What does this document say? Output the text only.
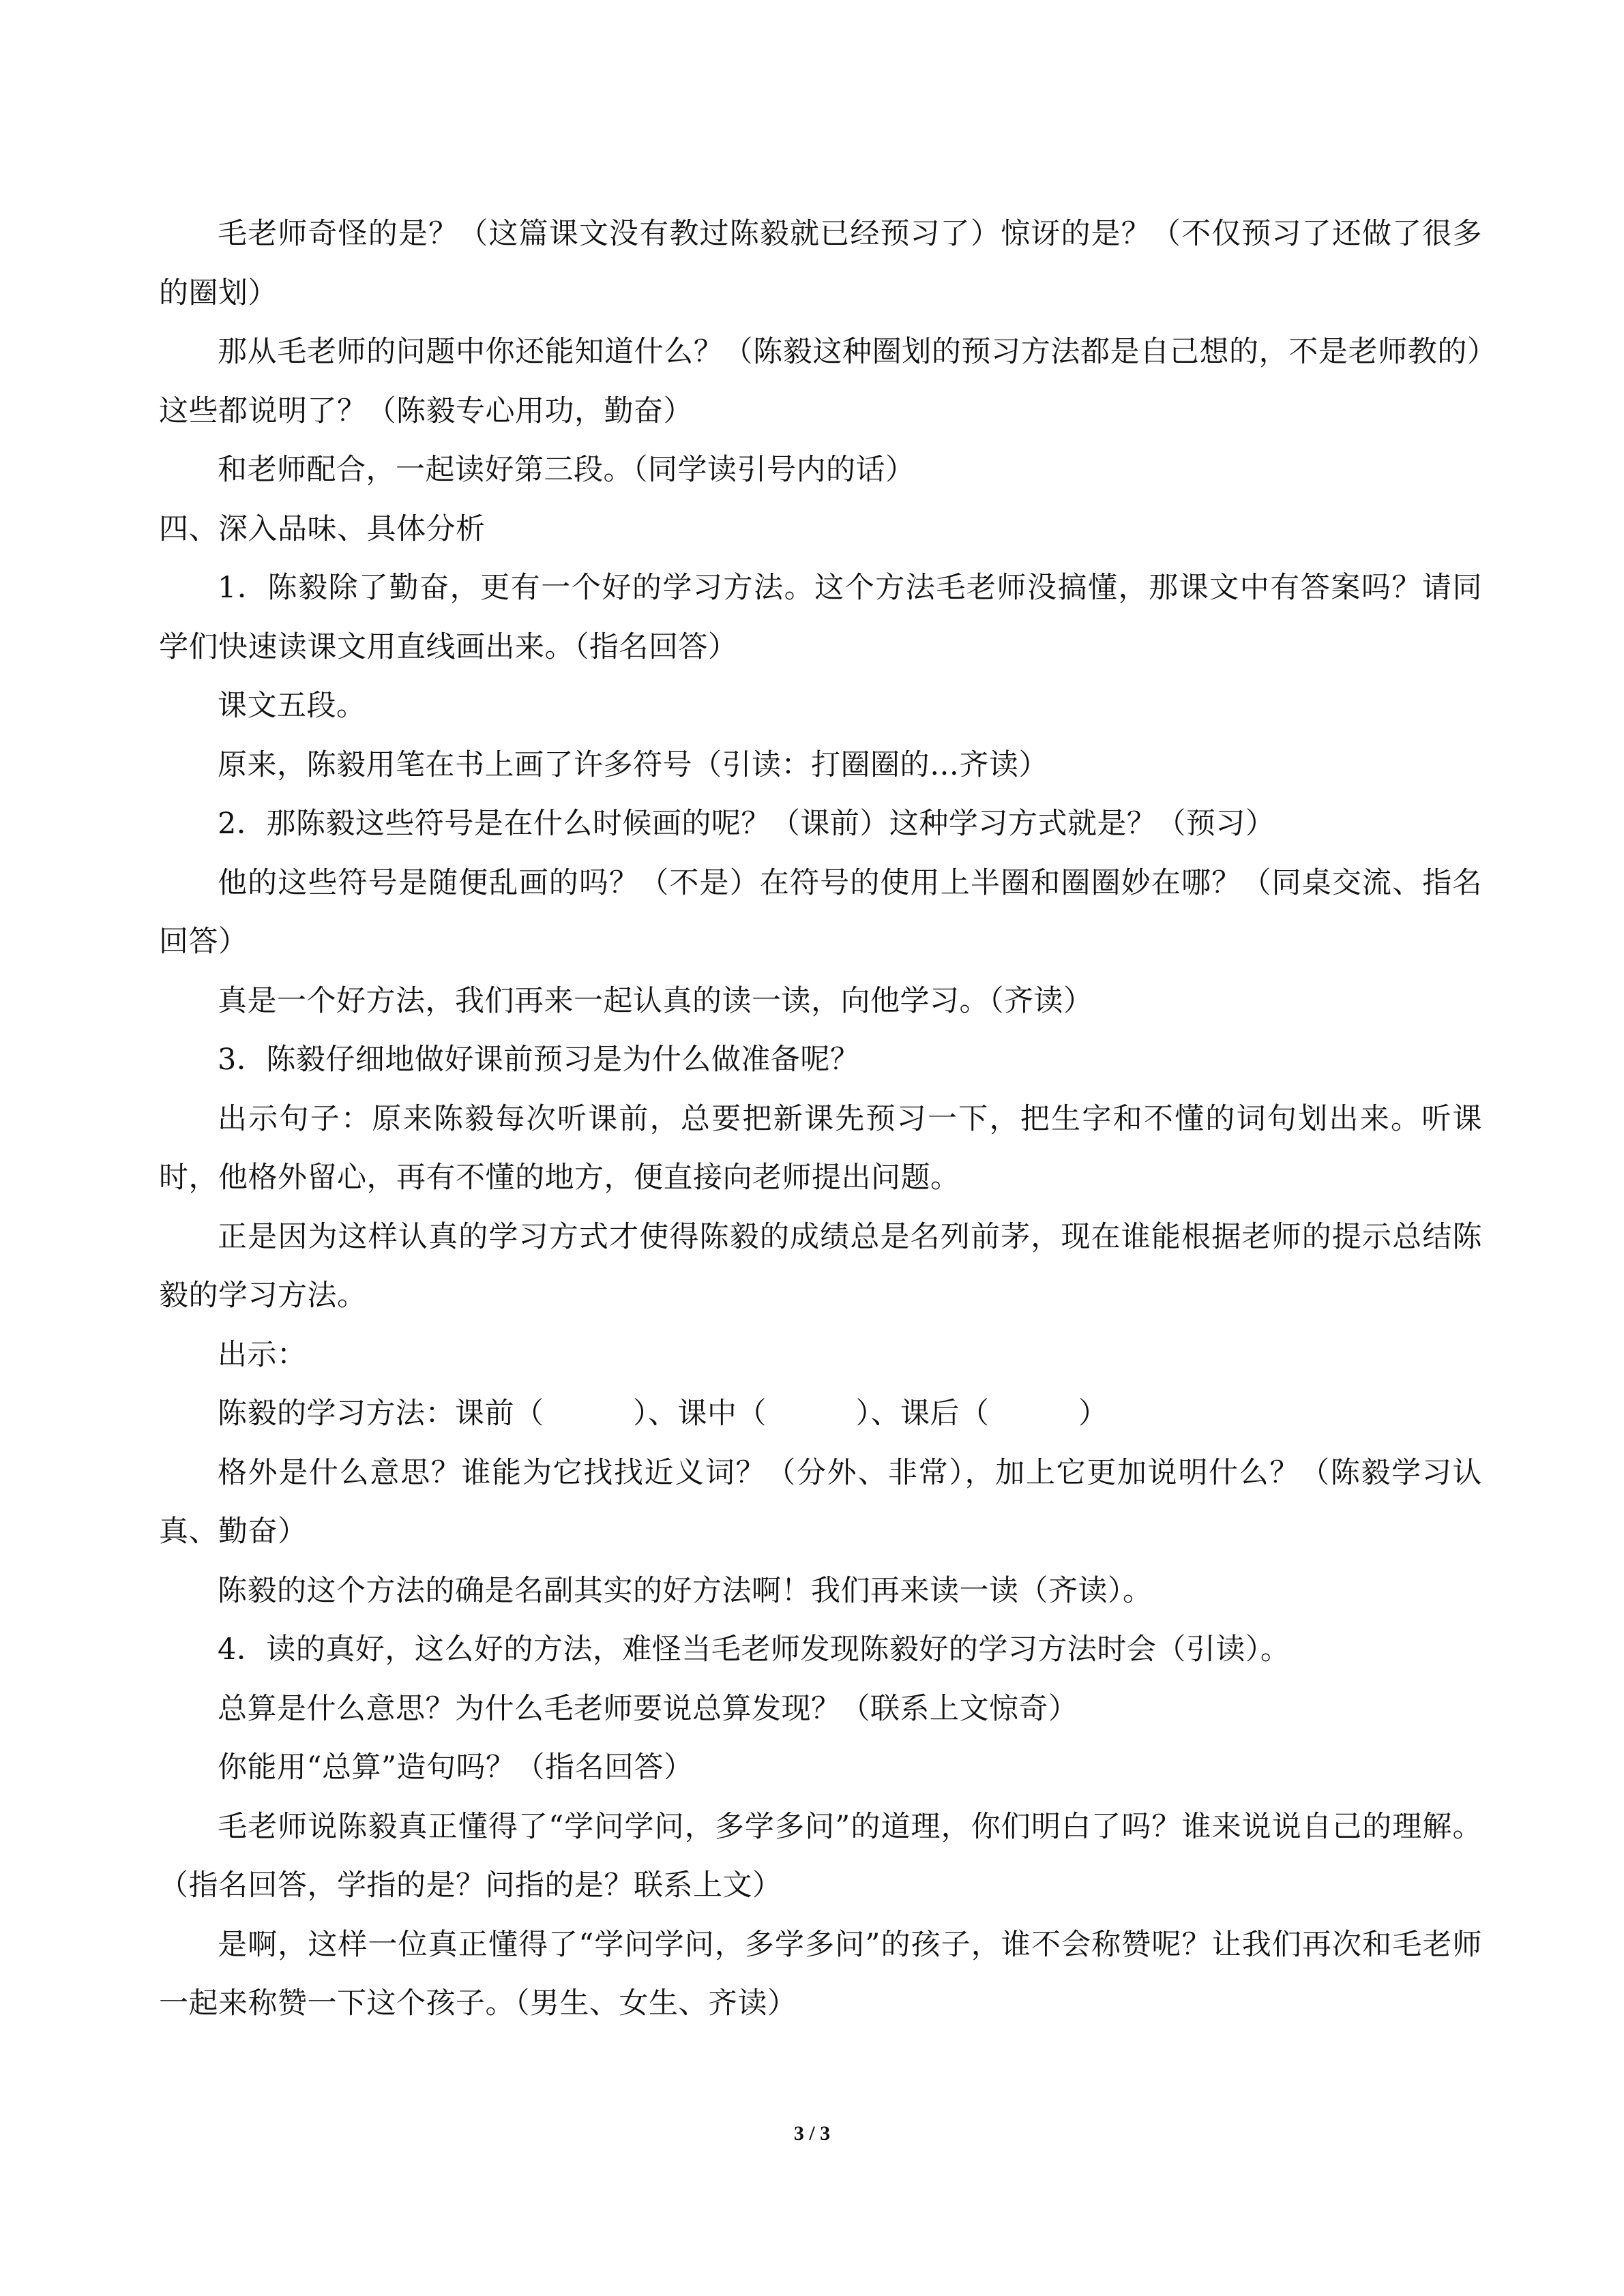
毛老师奇怪的是？（这篇课文没有教过陈毅就已经预习了）惊讶的是？（不仅预习了还做了很多的圈划）

那从毛老师的问题中你还能知道什么？（陈毅这种圈划的预习方法都是自己想的，不是老师教的）这些都说明了？（陈毅专心用功，勤奋）

和老师配合，一起读好第三段。（同学读引号内的话）

四、深入品味、具体分析

1．陈毅除了勤奋，更有一个好的学习方法。这个方法毛老师没搞懂，那课文中有答案吗？请同学们快速读课文用直线画出来。（指名回答）

课文五段。

原来，陈毅用笔在书上画了许多符号（引读：打圈圈的…齐读）

2．那陈毅这些符号是在什么时候画的呢？（课前）这种学习方式就是？（预习）

他的这些符号是随便乱画的吗？（不是）在符号的使用上半圈和圈圈妙在哪？（同桌交流、指名回答）

真是一个好方法，我们再来一起认真的读一读，向他学习。（齐读）

3．陈毅仔细地做好课前预习是为什么做准备呢？

出示句子：原来陈毅每次听课前，总要把新课先预习一下，把生字和不懂的词句划出来。听课时，他格外留心，再有不懂的地方，便直接向老师提出问题。

正是因为这样认真的学习方式才使得陈毅的成绩总是名列前茅，现在谁能根据老师的提示总结陈毅的学习方法。

出示：

陈毅的学习方法：课前（　　　）、课中（　　　）、课后（　　　）

格外是什么意思？谁能为它找找近义词？（分外、非常），加上它更加说明什么？（陈毅学习认真、勤奋）

陈毅的这个方法的确是名副其实的好方法啊！我们再来读一读（齐读）。

4．读的真好，这么好的方法，难怪当毛老师发现陈毅好的学习方法时会（引读）。

总算是什么意思？为什么毛老师要说总算发现？（联系上文惊奇）

你能用“总算”造句吗？（指名回答）

毛老师说陈毅真正懂得了“学问学问，多学多问”的道理，你们明白了吗？谁来说说自己的理解。（指名回答，学指的是？问指的是？联系上文）

是啊，这样一位真正懂得了“学问学问，多学多问”的孩子，谁不会称赞呢？让我们再次和毛老师一起来称赞一下这个孩子。（男生、女生、齐读）

3 / 3
